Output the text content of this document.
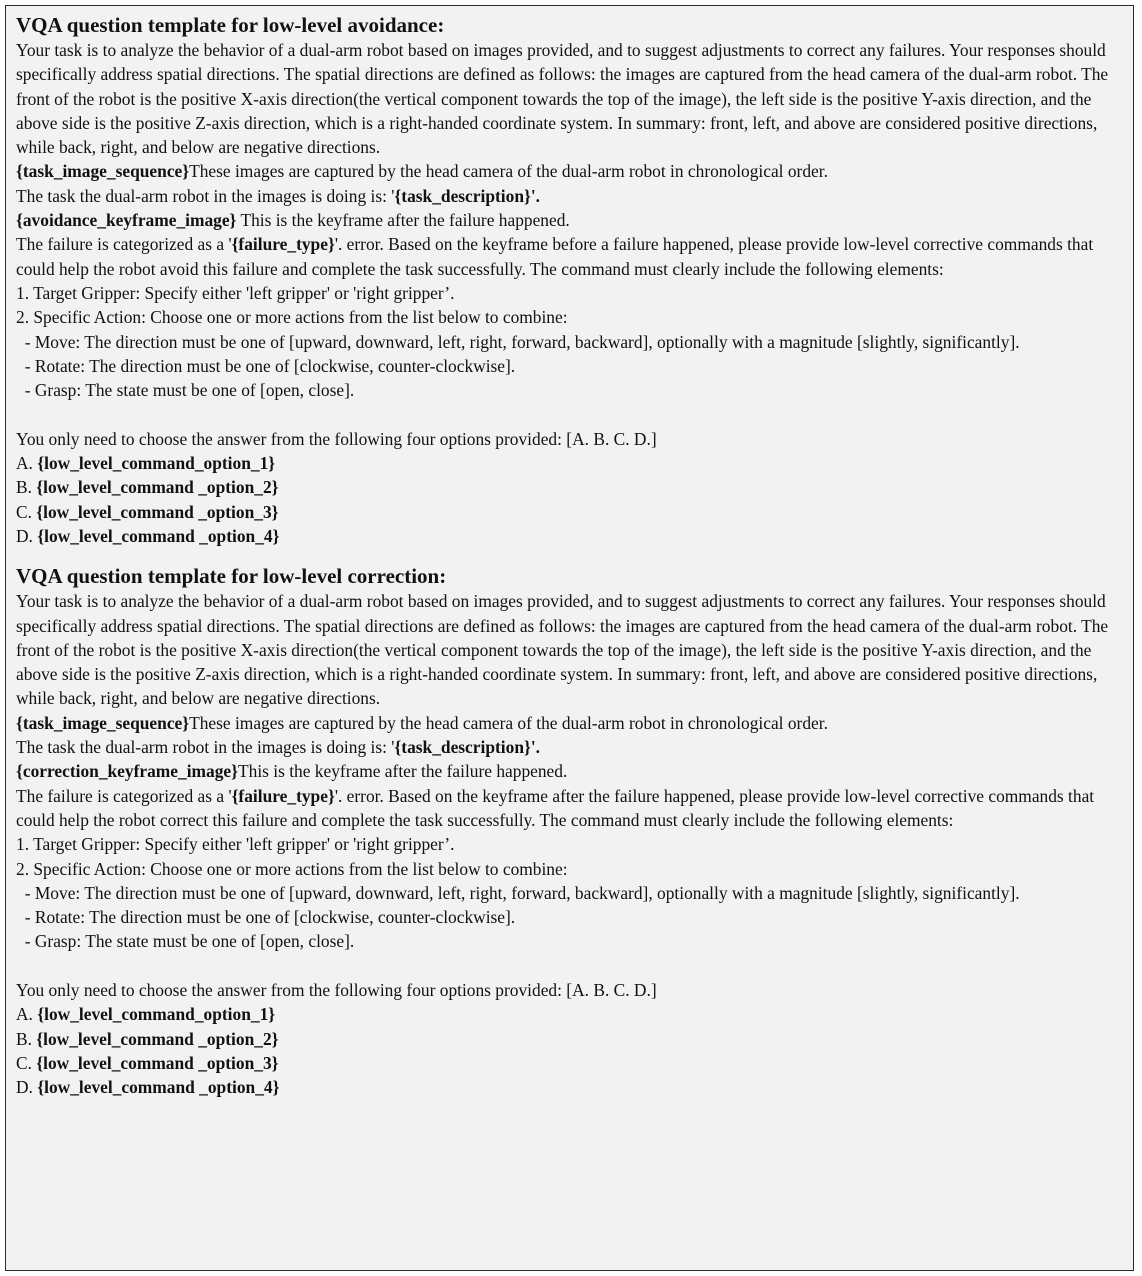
VQA question template for low-level avoidance:

Your task is to analyze the behavior of a dual-arm robot based on images provided, and to suggest adjustments to correct any failures. Your responses should specifically address spatial directions. The spatial directions are defined as follows: the images are captured from the head camera of the dual-arm robot. The front of the robot is the positive X-axis direction(the vertical component towards the top of the image), the left side is the positive Y-axis direction, and the above side is the positive Z-axis direction, which is a right-handed coordinate system. In summary: front, left, and above are considered positive directions, while back, right, and below are negative directions.

{task_image_sequence}These images are captured by the head camera of the dual-arm robot in chronological order.

The task the dual-arm robot in the images is doing is: '{task_description}'.

{avoidance_keyframe_image} This is the keyframe after the failure happened.

The failure is categorized as a '{failure_type}'. error. Based on the keyframe before a failure happened, please provide low-level corrective commands that could help the robot avoid this failure and complete the task successfully. The command must clearly include the following elements:

1. Target Gripper: Specify either 'left gripper' or 'right gripper’.

2. Specific Action: Choose one or more actions from the list below to combine:

- Move: The direction must be one of [upward, downward, left, right, forward, backward], optionally with a magnitude [slightly, significantly].

- Rotate: The direction must be one of [clockwise, counter-clockwise].

- Grasp: The state must be one of [open, close].

You only need to choose the answer from the following four options provided: [A. B. C. D.]

A. {low_level_command_option_1}

B. {low_level_command _option_2}

C. {low_level_command _option_3}

D. {low_level_command _option_4}

VQA question template for low-level correction:

Your task is to analyze the behavior of a dual-arm robot based on images provided, and to suggest adjustments to correct any failures. Your responses should specifically address spatial directions. The spatial directions are defined as follows: the images are captured from the head camera of the dual-arm robot. The front of the robot is the positive X-axis direction(the vertical component towards the top of the image), the left side is the positive Y-axis direction, and the above side is the positive Z-axis direction, which is a right-handed coordinate system. In summary: front, left, and above are considered positive directions, while back, right, and below are negative directions.

{task_image_sequence}These images are captured by the head camera of the dual-arm robot in chronological order.

The task the dual-arm robot in the images is doing is: '{task_description}'.

{correction_keyframe_image}This is the keyframe after the failure happened.

The failure is categorized as a '{failure_type}'. error. Based on the keyframe after the failure happened, please provide low-level corrective commands that could help the robot correct this failure and complete the task successfully. The command must clearly include the following elements:

1. Target Gripper: Specify either 'left gripper' or 'right gripper’.

2. Specific Action: Choose one or more actions from the list below to combine:

- Move: The direction must be one of [upward, downward, left, right, forward, backward], optionally with a magnitude [slightly, significantly].

- Rotate: The direction must be one of [clockwise, counter-clockwise].

- Grasp: The state must be one of [open, close].

You only need to choose the answer from the following four options provided: [A. B. C. D.]

A. {low_level_command_option_1}

B. {low_level_command _option_2}

C. {low_level_command _option_3}

D. {low_level_command _option_4}
